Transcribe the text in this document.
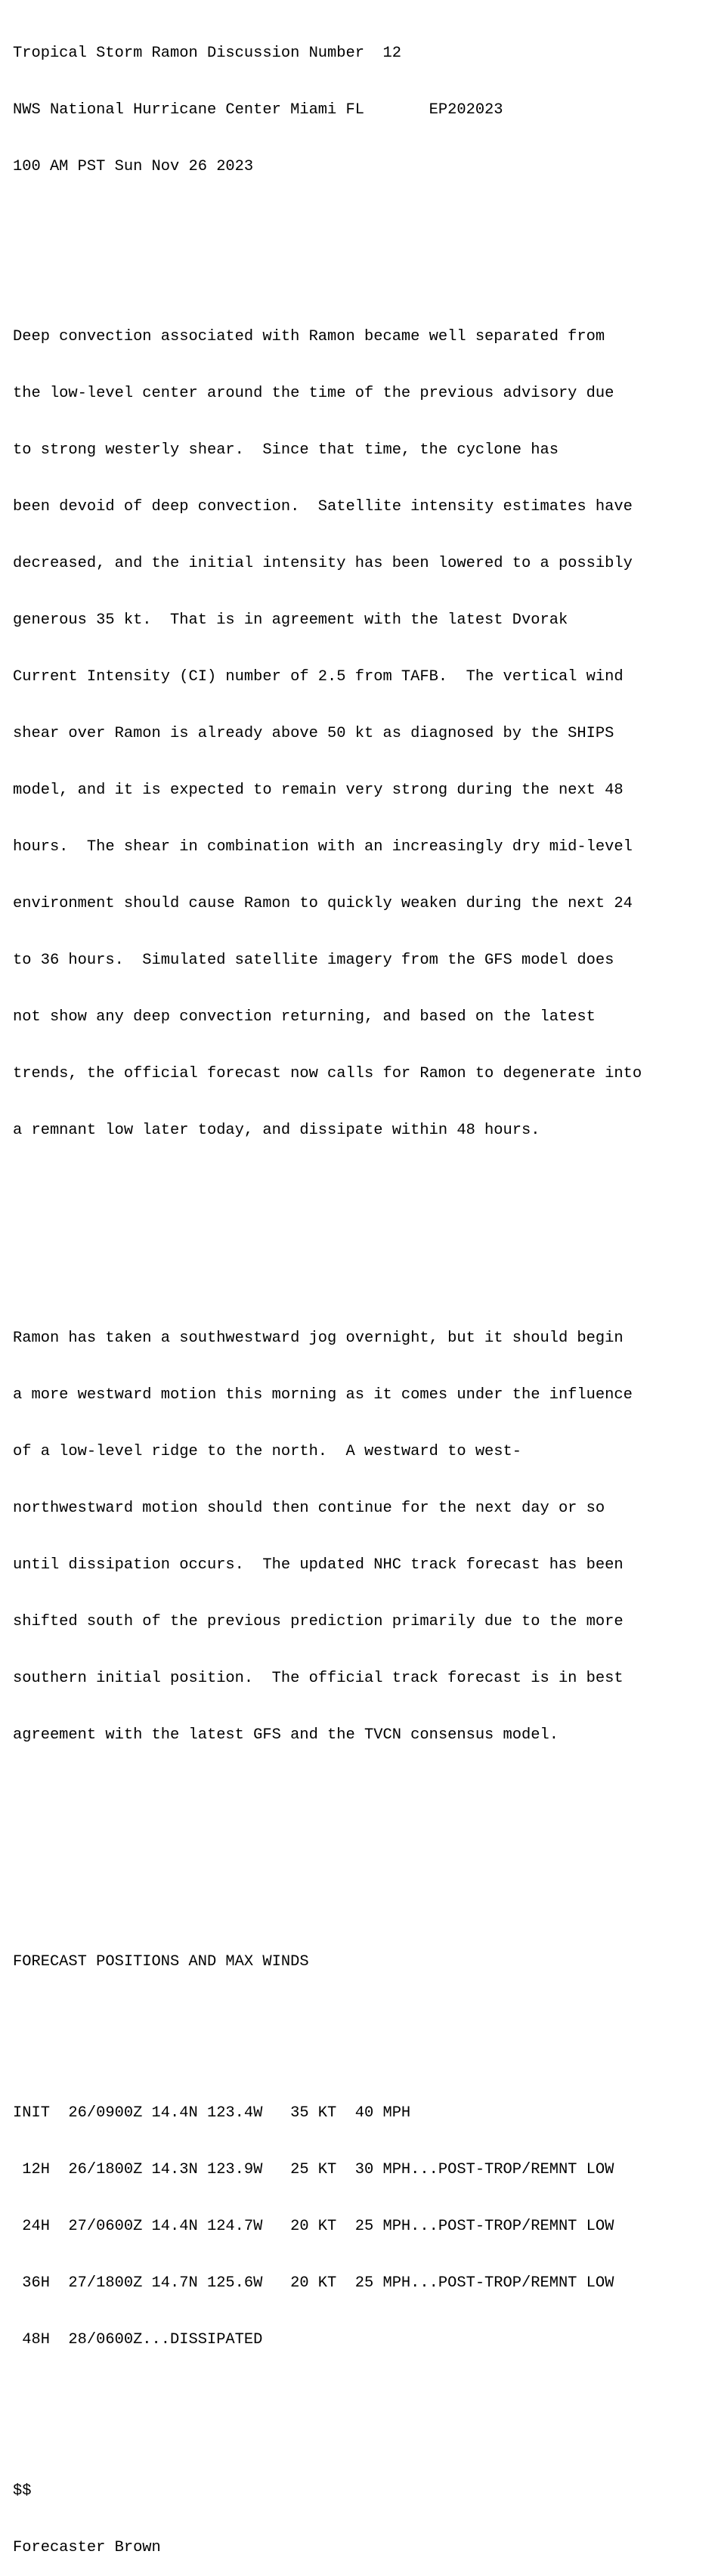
Tropical Storm Ramon Discussion Number  12

NWS National Hurricane Center Miami FL       EP202023

100 AM PST Sun Nov 26 2023

Deep convection associated with Ramon became well separated from

the low-level center around the time of the previous advisory due

to strong westerly shear.  Since that time, the cyclone has

been devoid of deep convection.  Satellite intensity estimates have

decreased, and the initial intensity has been lowered to a possibly

generous 35 kt.  That is in agreement with the latest Dvorak

Current Intensity (CI) number of 2.5 from TAFB.  The vertical wind

shear over Ramon is already above 50 kt as diagnosed by the SHIPS

model, and it is expected to remain very strong during the next 48

hours.  The shear in combination with an increasingly dry mid-level

environment should cause Ramon to quickly weaken during the next 24

to 36 hours.  Simulated satellite imagery from the GFS model does

not show any deep convection returning, and based on the latest

trends, the official forecast now calls for Ramon to degenerate into

a remnant low later today, and dissipate within 48 hours.

Ramon has taken a southwestward jog overnight, but it should begin

a more westward motion this morning as it comes under the influence

of a low-level ridge to the north.  A westward to west-

northwestward motion should then continue for the next day or so

until dissipation occurs.  The updated NHC track forecast has been

shifted south of the previous prediction primarily due to the more

southern initial position.  The official track forecast is in best

agreement with the latest GFS and the TVCN consensus model.

FORECAST POSITIONS AND MAX WINDS

INIT  26/0900Z 14.4N 123.4W   35 KT  40 MPH

12H  26/1800Z 14.3N 123.9W   25 KT  30 MPH...POST-TROP/REMNT LOW

24H  27/0600Z 14.4N 124.7W   20 KT  25 MPH...POST-TROP/REMNT LOW

36H  27/1800Z 14.7N 125.6W   20 KT  25 MPH...POST-TROP/REMNT LOW

48H  28/0600Z...DISSIPATED

$$

Forecaster Brown
